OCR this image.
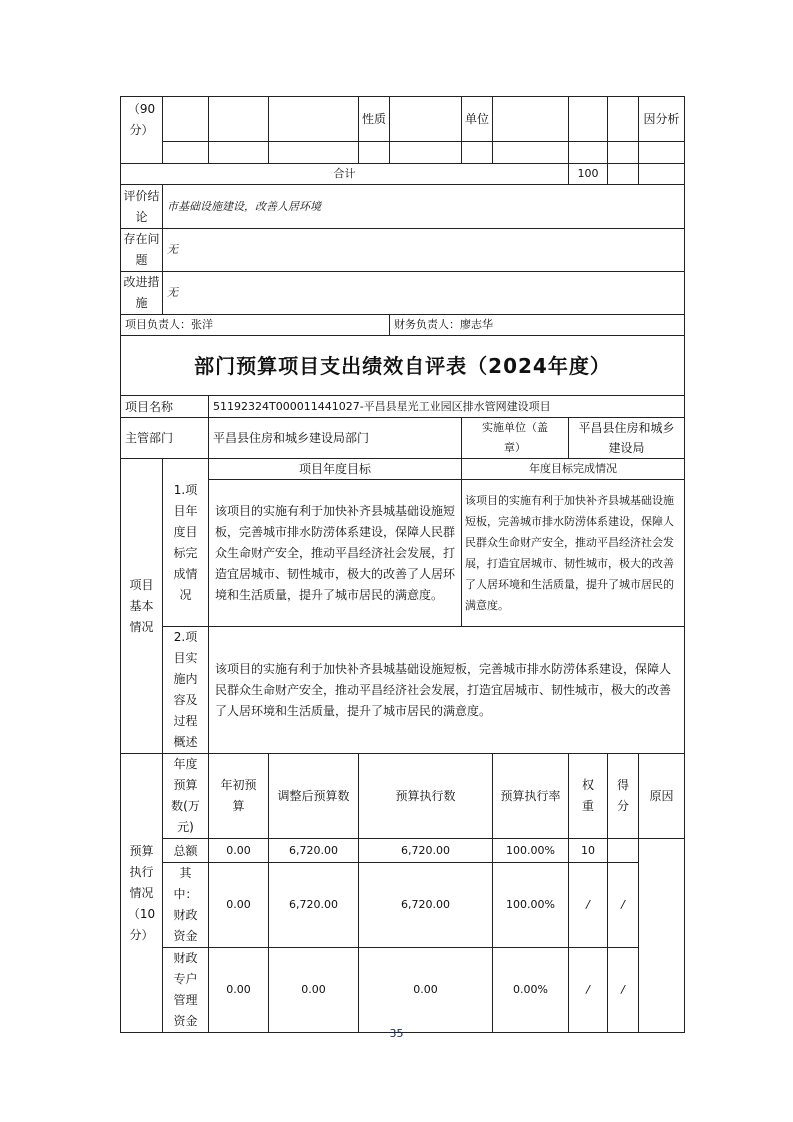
（90分）				性质		单位				因分析

合计								100		
评价结论	市基础设施建设，改善人居环境									
存在问题	无									
改进措施	无									
项目负责人：张洋					财务负责人：廖志华					
部门预算项目支出绩效自评表（2024年度）										
项目名称		51192324T000011441027-平昌县星光工业园区排水管网建设项目								
主管部门		平昌县住房和城乡建设局部门				实施单位（盖章）		平昌县住房和城乡建设局		
项目基本情况	1.项目年度目标完成情况	项目年度目标				年度目标完成情况				
		该项目的实施有利于加快补齐县城基础设施短板，完善城市排水防涝体系建设，保障人民群众生命财产安全，推动平昌经济社会发展，打造宜居城市、韧性城市，极大的改善了人居环境和生活质量，提升了城市居民的满意度。				该项目的实施有利于加快补齐县城基础设施短板，完善城市排水防涝体系建设，保障人民群众生命财产安全，推动平昌经济社会发展，打造宜居城市、韧性城市，极大的改善了人居环境和生活质量，提升了城市居民的满意度。				
	2.项目实施内容及过程概述	该项目的实施有利于加快补齐县城基础设施短板，完善城市排水防涝体系建设，保障人民群众生命财产安全，推动平昌经济社会发展，打造宜居城市、韧性城市，极大的改善了人居环境和生活质量，提升了城市居民的满意度。								
预算执行情况（10分）	年度预算数(万元)	年初预算	调整后预算数	预算执行数			预算执行率	权重	得分	原因
	总额	0.00	6,720.00	6,720.00			100.00%	10		
	其中：财政资金	0.00	6,720.00	6,720.00			100.00%	/	/	
	财政专户管理资金	0.00	0.00	0.00			0.00%	/	/	
35
